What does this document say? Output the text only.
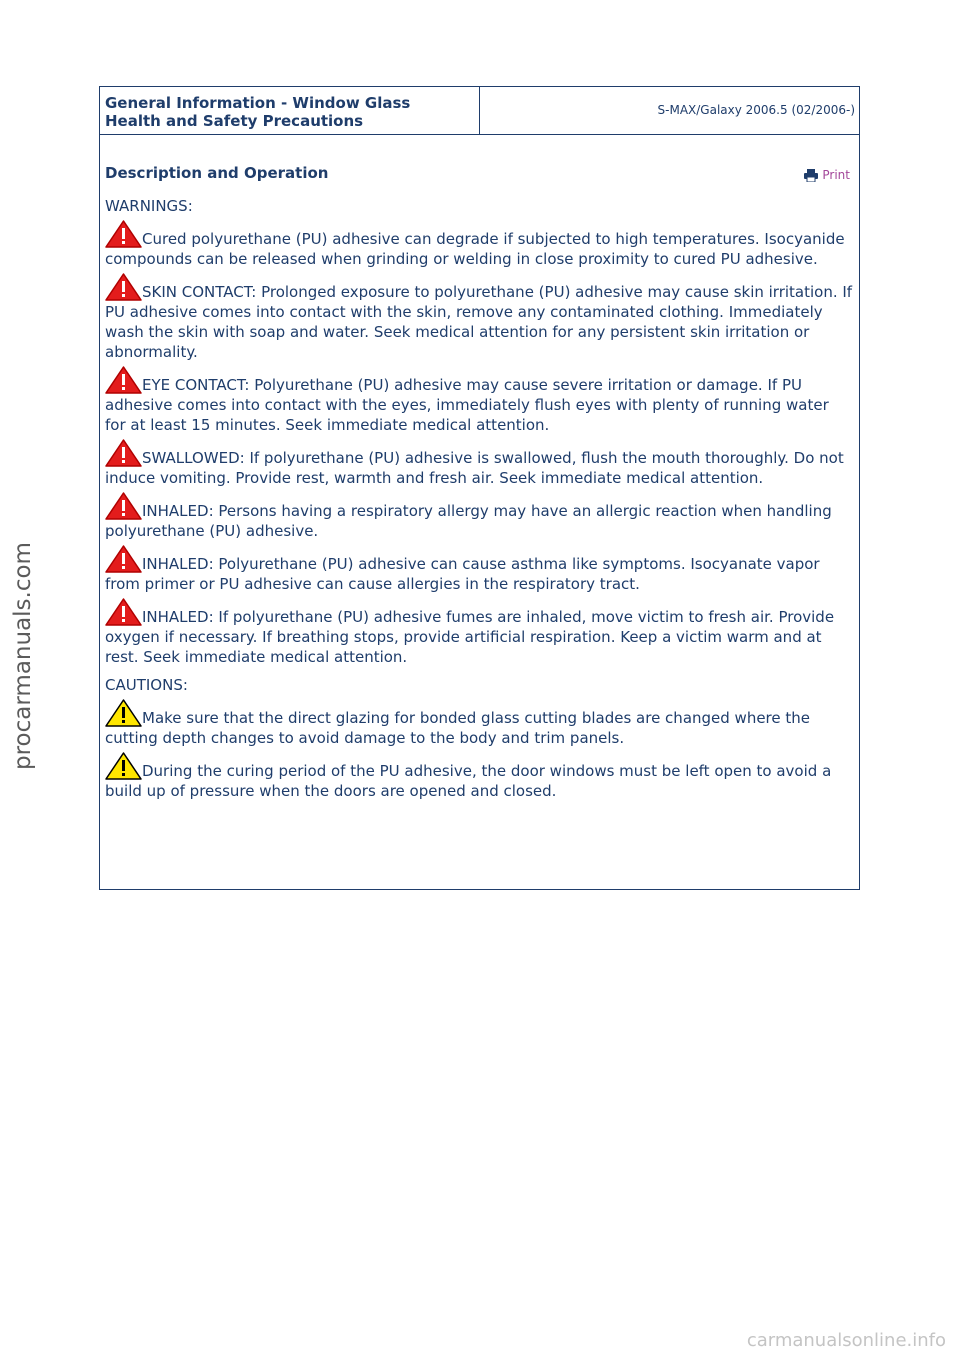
General Information - Window Glass
Health and Safety Precautions
S-MAX/Galaxy 2006.5 (02/2006-)
Print
Description and Operation
WARNINGS:
Cured polyurethane (PU) adhesive can degrade if subjected to high temperatures. Isocyanide compounds can be released when grinding or welding in close proximity to cured PU adhesive.
SKIN CONTACT: Prolonged exposure to polyurethane (PU) adhesive may cause skin irritation. If PU adhesive comes into contact with the skin, remove any contaminated clothing. Immediately wash the skin with soap and water. Seek medical attention for any persistent skin irritation or abnormality.
EYE CONTACT: Polyurethane (PU) adhesive may cause severe irritation or damage. If PU adhesive comes into contact with the eyes, immediately flush eyes with plenty of running water for at least 15 minutes. Seek immediate medical attention.
SWALLOWED: If polyurethane (PU) adhesive is swallowed, flush the mouth thoroughly. Do not induce vomiting. Provide rest, warmth and fresh air. Seek immediate medical attention.
INHALED: Persons having a respiratory allergy may have an allergic reaction when handling polyurethane (PU) adhesive.
INHALED: Polyurethane (PU) adhesive can cause asthma like symptoms. Isocyanate vapor from primer or PU adhesive can cause allergies in the respiratory tract.
INHALED: If polyurethane (PU) adhesive fumes are inhaled, move victim to fresh air. Provide oxygen if necessary. If breathing stops, provide artificial respiration. Keep a victim warm and at rest. Seek immediate medical attention.
CAUTIONS:
Make sure that the direct glazing for bonded glass cutting blades are changed where the cutting depth changes to avoid damage to the body and trim panels.
During the curing period of the PU adhesive, the door windows must be left open to avoid a build up of pressure when the doors are opened and closed.
procarmanuals.com
carmanualsonline.info
